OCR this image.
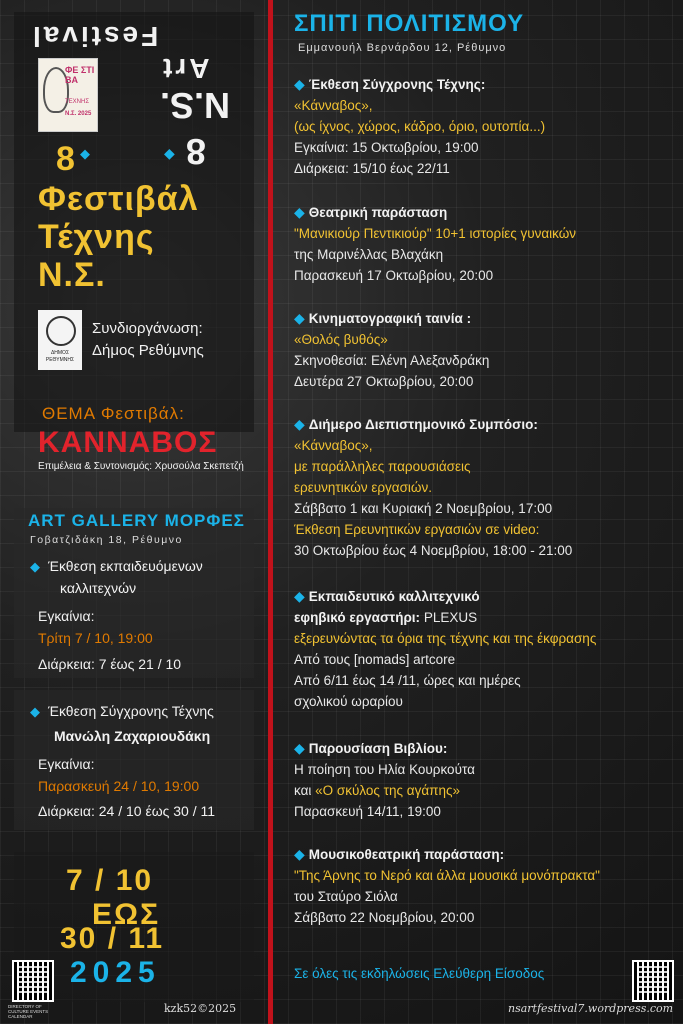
Festival
Art
N.S.
8
◆
ΦΕ ΣΤΙ ΒΑ
ΤΕΧΝΗΣ
Ν.Σ. 2025
8 ◆
Φεστιβάλ
Τέχνης
Ν.Σ.
ΔΗΜΟΣ ΡΕΘΥΜΝΗΣ
Συνδιοργάνωση:
Δήμος Ρεθύμνης
ΘΕΜΑ Φεστιβάλ:
ΚΑΝΝΑΒΟΣ
Επιμέλεια & Συντονισμός: Χρυσούλα Σκεπετζή
ART GALLERY ΜΟΡΦΕΣ
Γοβατζιδάκη 18, Ρέθυμνο
◆ Έκθεση εκπαιδευόμενων
καλλιτεχνών
Εγκαίνια:
Τρίτη 7 / 10, 19:00
Διάρκεια: 7 έως 21 / 10
◆ Έκθεση Σύγχρονης Τέχνης
Μανώλη Ζαχαριουδάκη
Εγκαίνια:
Παρασκευή 24 / 10, 19:00
Διάρκεια: 24 / 10 έως 30 / 11
7 / 10
ΕΩΣ
30 / 11
2025
DIRECTORY OF CULTURE EVENTS CALENDAR
kzk52©2025
ΣΠΙΤΙ ΠΟΛΙΤΙΣΜΟΥ
Εμμανουήλ Βερνάρδου 12, Ρέθυμνο
◆ Έκθεση Σύγχρονης Τέχνης:
«Κάνναβος»,
(ως ίχνος, χώρος, κάδρο, όριο, ουτοπία...)
Εγκαίνια: 15 Οκτωβρίου, 19:00
Διάρκεια: 15/10 έως 22/11
◆ Θεατρική παράσταση
"Μανικιούρ Πεντικιούρ" 10+1 ιστορίες γυναικών
της Μαρινέλλας Βλαχάκη
Παρασκευή 17 Οκτωβρίου, 20:00
◆ Κινηματογραφική ταινία :
«Θολός βυθός»
Σκηνοθεσία: Ελένη Αλεξανδράκη
Δευτέρα 27 Οκτωβρίου, 20:00
◆ Διήμερο Διεπιστημονικό Συμπόσιο:
«Κάνναβος»,
με παράλληλες παρουσιάσεις
ερευνητικών εργασιών.
Σάββατο 1 και Κυριακή 2 Νοεμβρίου, 17:00
Έκθεση Ερευνητικών εργασιών σε video:
30 Οκτωβρίου έως 4 Νοεμβρίου, 18:00 - 21:00
◆ Εκπαιδευτικό καλλιτεχνικό
εφηβικό εργαστήρι: PLEXUS
εξερευνώντας τα όρια της τέχνης και της έκφρασης
Από τους [nomads] artcore
Από 6/11 έως 14 /11, ώρες και ημέρες
σχολικού ωραρίου
◆ Παρουσίαση Βιβλίου:
Η ποίηση του Ηλία Κουρκούτα
και «Ο σκύλος της αγάπης»
Παρασκευή 14/11, 19:00
◆ Μουσικοθεατρική παράσταση:
"Της Άρνης το Νερό και άλλα μουσικά μονόπρακτα"
του Σταύρο Σιόλα
Σάββατο 22 Νοεμβρίου, 20:00
Σε όλες τις εκδηλώσεις Ελεύθερη Είσοδος
nsartfestival7.wordpress.com
